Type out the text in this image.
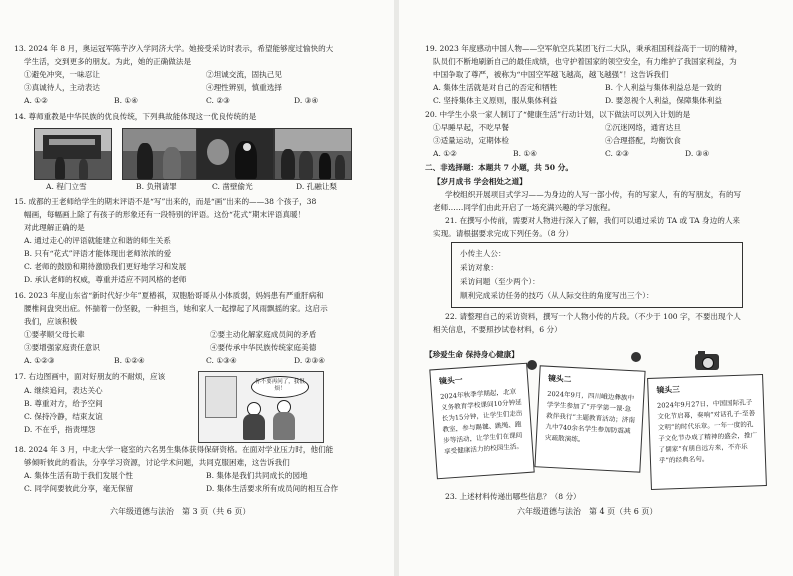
13. 2024 年 8 月，奥运冠军陈芋汐入学同济大学。她接受采访时表示，希望能够度过愉快的大
学生活，交到更多的朋友。为此，她的正确做法是
①避免冲突，一味忍让	②坦诚交流，固执己见
③真诚待人，主动表达	④理性辨别，慎重选择
A. ①②	B. ①④	C. ②③	D. ③④
14. 尊师重教是中华民族的优良传统，下列典故能体现这一优良传统的是
A. 程门立雪	B. 负荆请罪	C. 凿壁偷光	D. 孔融让梨
15. 成都的王老师给学生的期末评语不是“写”出来的，而是“画”出来的——38 个孩子，38
幅画，每幅画上除了有孩子的形象还有一段特别的评语。这份“花式”期末评语真暖！
对此理解正确的是
A. 通过走心的评语就能建立和谐的师生关系
B. 只有“花式”评语才能体现出老师浓浓的爱
C. 老师的鼓励和期待激励我们更好地学习和发展
D. 承认老师的权威，尊重并适应不同风格的老师
16. 2023 年度山东省“新时代好少年”夏椿祺，双胞胎哥哥从小体质弱，妈妈患有严重肝病和
腰椎间盘突出症。怀揣着一份坚毅，一种担当，她和家人一起撑起了风雨飘摇的家。这启示
我们，应该积极
①要孝顺父母长辈	②要主动化解家庭成员间的矛盾
③要增强家庭责任意识	④要传承中华民族传统家庭美德
A. ①②③	B. ①②④	C. ①③④	D. ②③④
17. 右边图画中，面对好朋友的不耐烦，应该
A. 继续追问，表达关心
B. 尊重对方，给予空间
C. 保持冷静，结束友谊
D. 不在乎，指责埋怨
你不要再问了，我很烦！
18. 2024 年 3 月，中北大学一寝室的六名男生集体获得保研资格。在面对学业压力时，他们能
够倾听彼此的看法，分享学习资源，讨论学术问题，共同克服困难，这告诉我们
A. 集体生活有助于我们发展个性	B. 集体是我们共同成长的园地
C. 同学间要彼此分享，毫无保留	D. 集体生活要求所有成员间的相互合作
六年级道德与法治　第 3 页（共 6 页）
19. 2023 年度感动中国人物——空军航空兵某团飞行二大队，秉承祖国利益高于一切的精神，
队员们不断地刷新自己的最佳成绩，也守护着国家的领空安全，有力维护了我国家利益，为
中国争取了尊严，被称为“中国空军越飞越高，越飞越强”！这告诉我们
A. 集体生活就是对自己的否定和牺牲	B. 个人利益与集体利益总是一致的
C. 坚持集体主义原则，服从集体利益	D. 要忽视个人利益，保障集体利益
20. 中学生小泉一家人制订了“健康生活”行动计划，以下做法可以列入计划的是
①早睡早起，不吃早餐	②沉迷网络，通宵达旦
③适量运动，定期体检	④合理搭配，均衡饮食
A. ①②	B. ①④	C. ②③	D. ③④
二、非选择题：本题共 7 小题，共 50 分。
【岁月成书 学会相处之道】
学校组织开展项目式学习——为身边的人写一部小传，有的写家人，有的写朋友，有的写
老师……同学们由此开启了一场充满兴趣的学习旅程。
21. 在撰写小传前，需要对人物进行深入了解，我们可以通过采访 TA 或 TA 身边的人来
实现。请根据要求完成下列任务。（8 分）
小传主人公：
采访对象：
采访问题（至少两个）：
顺利完成采访任务的技巧（从人际交往的角度写出三个）：
22. 请整理自己的采访资料，撰写一个人物小传的片段。（不少于 100 字，不要出现个人
相关信息，不要照抄试卷材料，6 分）
【珍爱生命 保持身心健康】
镜头一
2024年秋季学期起，北京义务教育学校课间10分钟延长为15分钟，让学生们走出教室，参与踢毽、跳绳、跑步等活动，让学生们在课间享受健康活力的校园生活。
镜头二
2024年9月，四川峨边彝族中学学生参加了“开学第一课·急救伴我行”主题教育活动；济南九中740余名学生参加防震减灾疏散演练。
镜头三
2024年9月27日，中国国际孔子文化节启幕，奏响“对话孔子·至善文明”的时代乐章。一年一度的孔子文化节办成了精神的盛会，推广了儒家“有朋自远方来，不亦乐乎”的经典名句。
23. 上述材料传递出哪些信息？（8 分）
六年级道德与法治　第 4 页（共 6 页）
